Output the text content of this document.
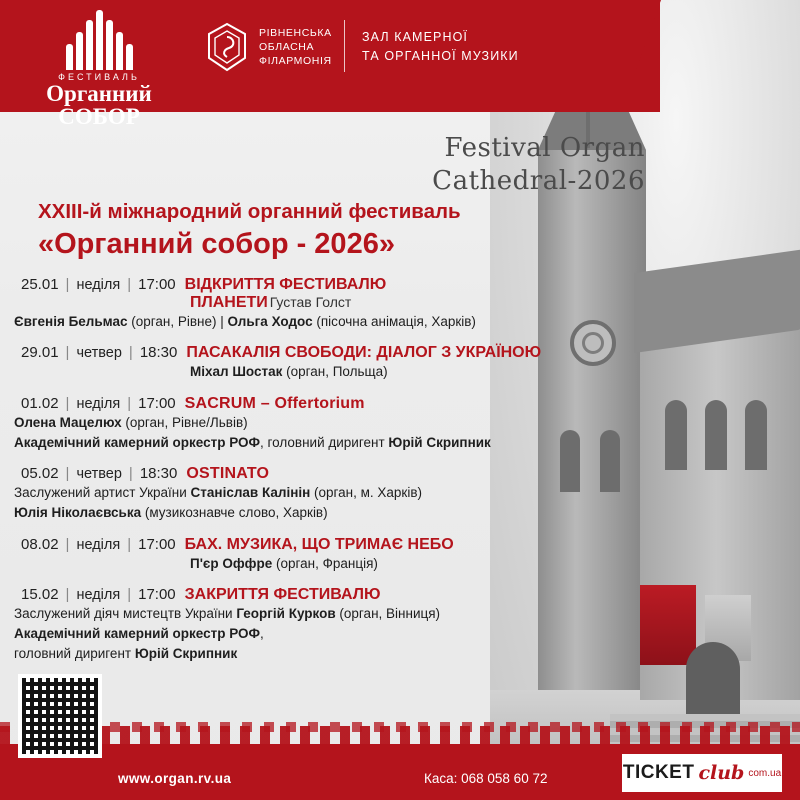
ФЕСТИВАЛЬ
Органний
СОБОР
РІВНЕНСЬКА
ОБЛАСНА
ФІЛАРМОНІЯ
ЗАЛ КАМЕРНОЇ
ТА ОРГАННОЇ МУЗИКИ
Festival Organ
Cathedral-2026
XXIII-й міжнародний органний фестиваль
«Органний собор - 2026»
25.01 | неділя | 17:00 ВІДКРИТТЯ ФЕСТИВАЛЮ
ПЛАНЕТИ Густав Голст
Євгенія Бельмас (орган, Рівне) | Ольга Ходос (пісочна анімація, Харків)
29.01 | четвер | 18:30 ПАСАКАЛІЯ СВОБОДИ: ДІАЛОГ З УКРАЇНОЮ
Міхал Шостак (орган, Польща)
01.02 | неділя | 17:00 SACRUM – Offertorium
Олена Мацелюх (орган, Рівне/Львів)
Академічний камерний оркестр РОФ, головний диригент Юрій Скрипник
05.02 | четвер | 18:30 OSTINATO
Заслужений артист України Станіслав Калінін (орган, м. Харків)
Юлія Ніколаєвська (музикознавче слово, Харків)
08.02 | неділя | 17:00 БАХ. МУЗИКА, ЩО ТРИМАЄ НЕБО
П'єр Оффре (орган, Франція)
15.02 | неділя | 17:00 ЗАКРИТТЯ ФЕСТИВАЛЮ
Заслужений діяч мистецтв України Георгій Курков (орган, Вінниця)
Академічний камерний оркестр РОФ,
головний диригент Юрій Скрипник
www.organ.rv.ua	Каса: 068 058 60 72	TICKET club com.ua
